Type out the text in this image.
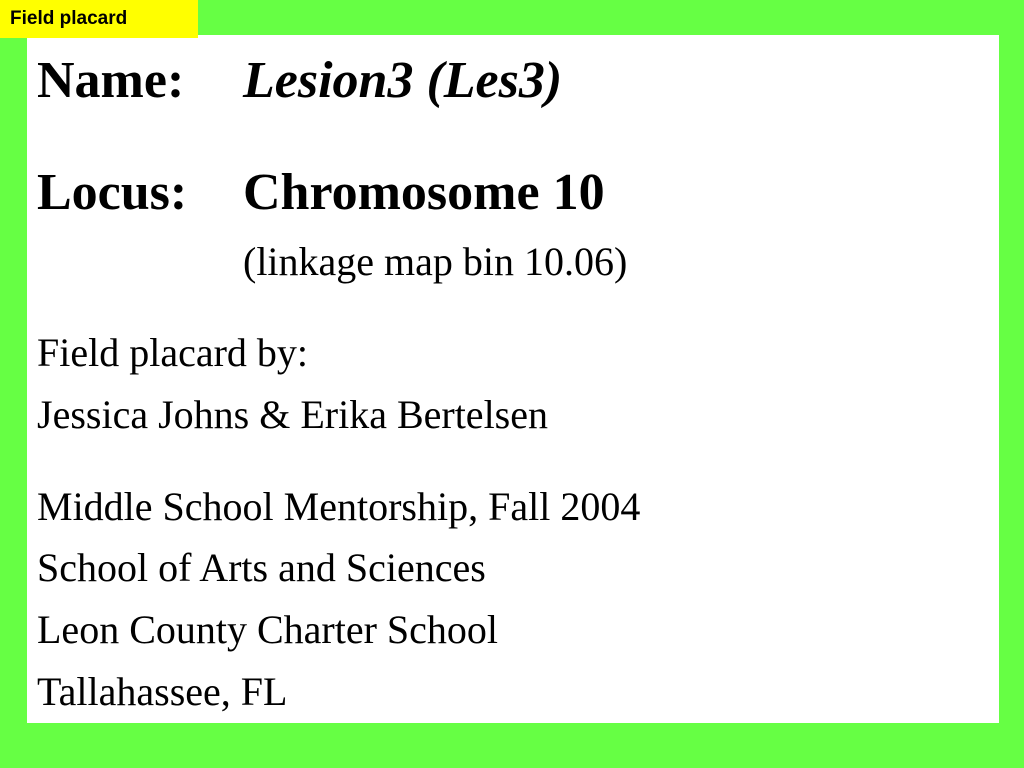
Field placard
Name: Lesion3 (Les3)
Locus: Chromosome 10
(linkage map bin 10.06)
Field placard by:
Jessica Johns & Erika Bertelsen
Middle School Mentorship, Fall 2004
School of Arts and Sciences
Leon County Charter School
Tallahassee, FL
